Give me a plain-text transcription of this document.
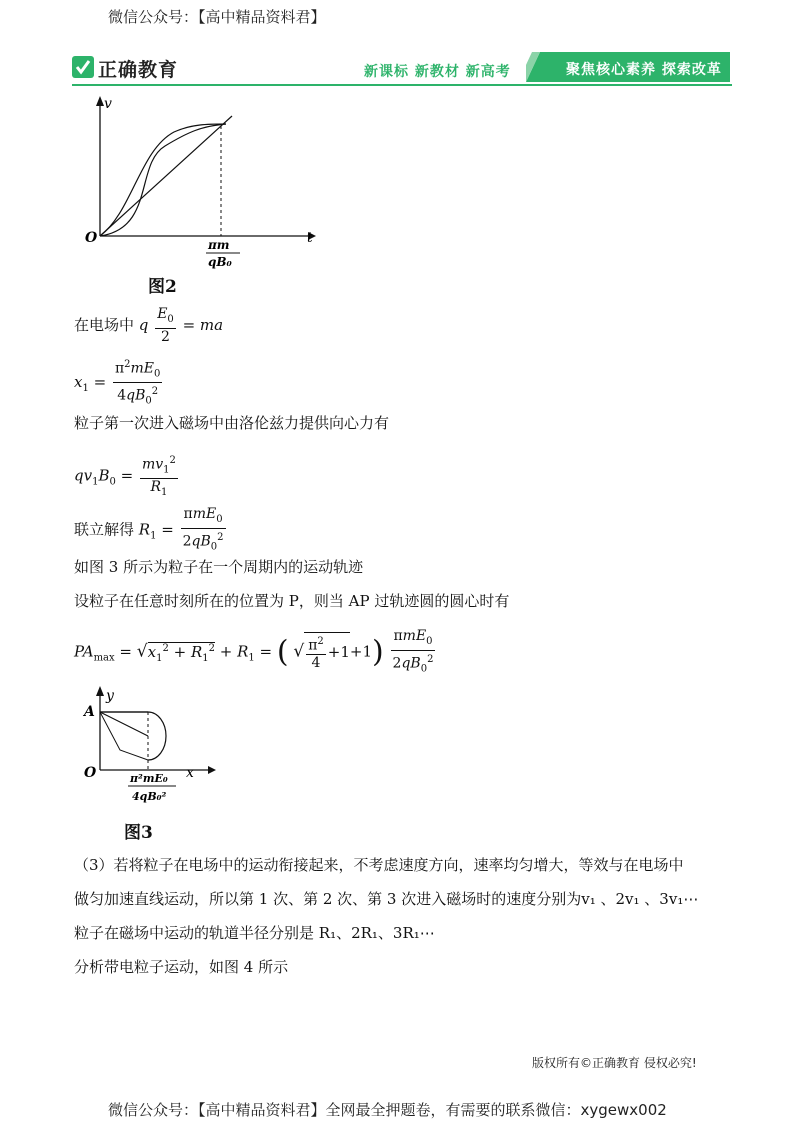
微信公众号：【高中精品资料君】
正确教育	新课标 新教材 新高考	聚焦核心素养 探索改革
v
t
O	πm
qB₀
图2
在电场中 q $\frac{E_0}{2}$ = ma
$x_1 = \frac{\pi^2mE_0}{4qB_0^2}$
粒子第一次进入磁场中由洛伦兹力提供向心力有
$qv_1B_0 = \frac{mv_1^2}{R_1}$
联立解得 $R_1 = \frac{\pi mE_0}{2qB_0^2}$
如图 3 所示为粒子在一个周期内的运动轨迹
设粒子在任意时刻所在的位置为 P，则当 AP 过轨迹圆的圆心时有
$PA_{max} = √x_1^2 + R_1^2 + R_1$ = ( √ $\frac{\pi^2}{4} +1+1) \frac{\pi mE_0}{2qB_0^2}$
y
A
O	x
π²mE₀
4qB₀²
图3
（3）若将粒子在电场中的运动衔接起来，不考虑速度方向，速率均匀增大，等效与在电场中
做匀加速直线运动，所以第 1 次、第 2 次、第 3 次进入磁场时的速度分别为v₁ 、2v₁ 、3v₁⋯
粒子在磁场中运动的轨道半径分别是 R₁、2R₁、3R₁⋯
分析带电粒子运动，如图 4 所示
版权所有©正确教育 侵权必究!
微信公众号：【高中精品资料君】全网最全押题卷，有需要的联系微信：xygewx002
